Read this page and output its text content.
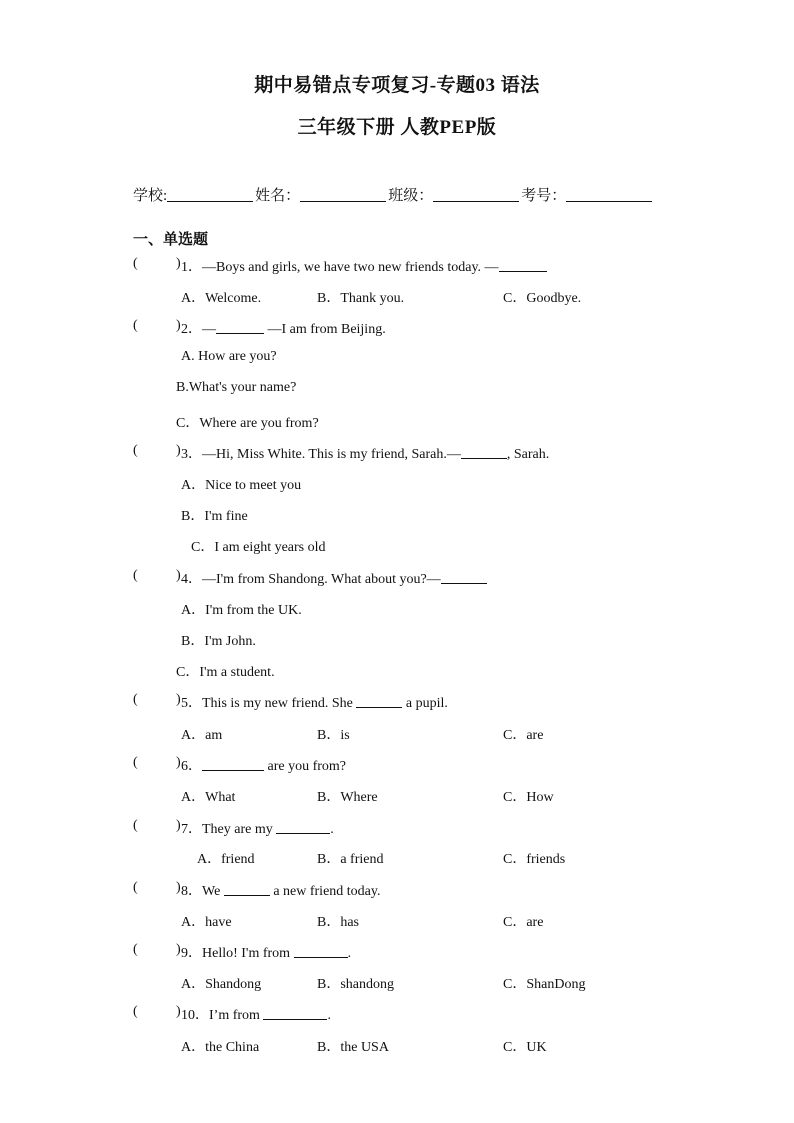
期中易错点专项复习-专题03 语法
三年级下册 人教PEP版
学校:	姓名：	班级：	考号：
一、单选题
(	) 1．—Boys and girls, we have two new friends today. —
A．Welcome.	B．Thank you.	C．Goodbye.
(	) 2．—	—I am from Beijing.
A. How are you?
B.What's your name?
C．Where are you from?
(	) 3．—Hi, Miss White. This is my friend, Sarah.—	, Sarah.
A．Nice to meet you
B．I'm fine
C．I am eight years old
(	) 4．—I'm from Shandong. What about you?—
A．I'm from the UK.
B．I'm John.
C．I'm a student.
(	) 5．This is my new friend. She	a pupil.
A．am	B．is	C．are
(	) 6．	are you from?
A．What	B．Where	C．How
(	) 7．They are my	.
A．friend	B．a friend	C．friends
(	) 8．We	a new friend today.
A．have	B．has	C．are
(	) 9．Hello! I'm from	.
A．Shandong	B．shandong	C．ShanDong
(	) 10．I’m from	.
A．the China	B．the USA	C．UK
